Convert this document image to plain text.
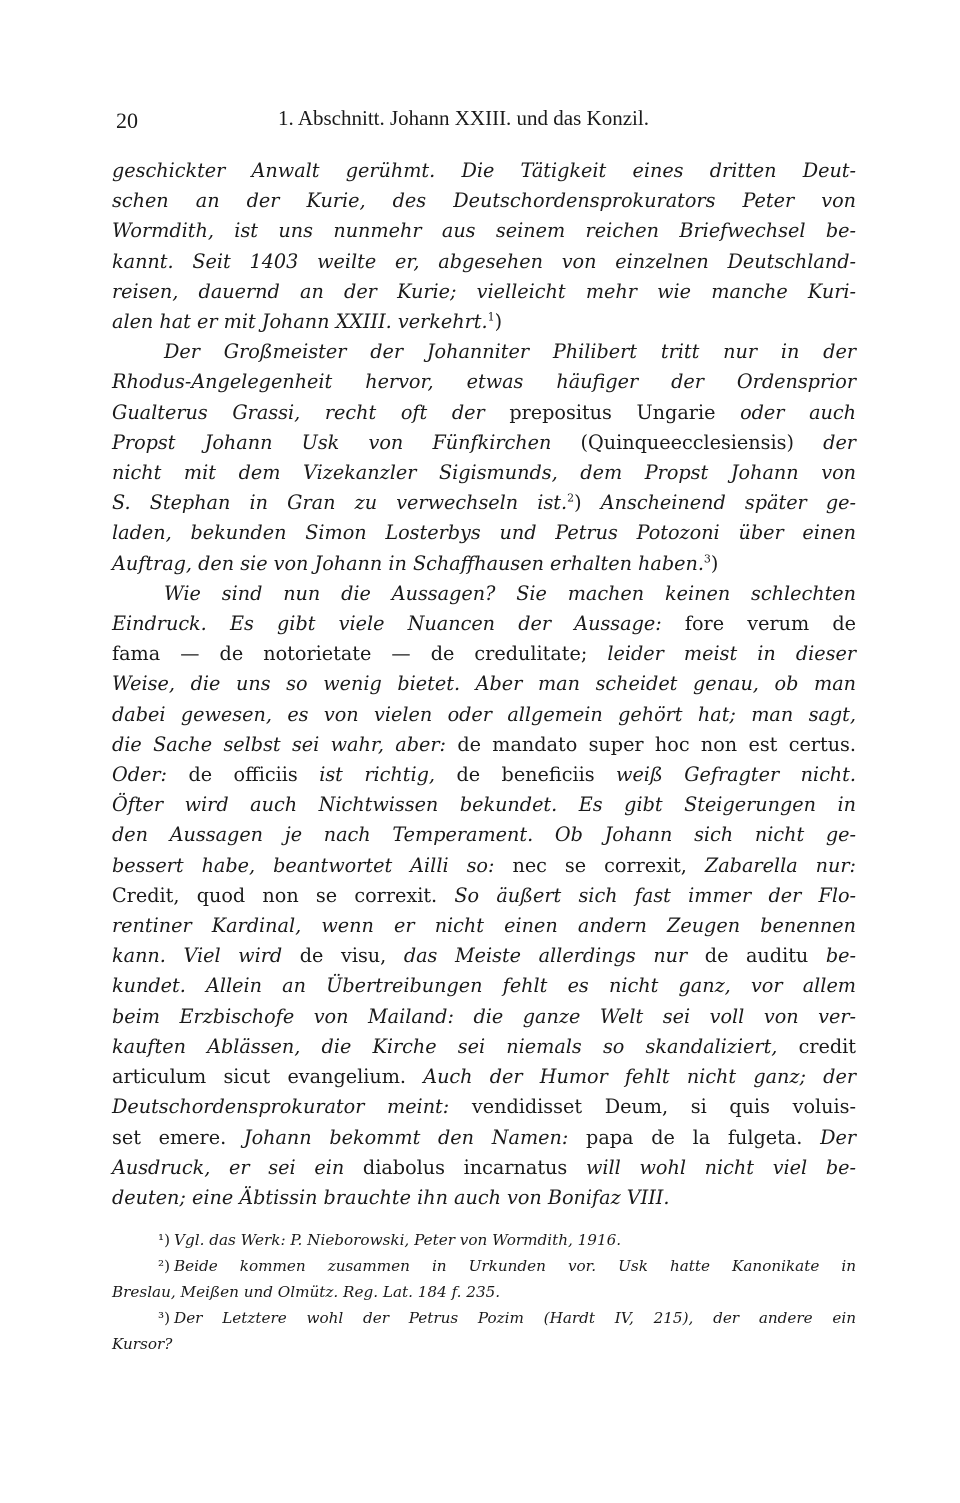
20	1. Abschnitt. Johann XXIII. und das Konzil.
geschickter Anwalt gerühmt. Die Tätigkeit eines dritten Deut-
schen an der Kurie, des Deutschordensprokurators Peter von
Wormdith, ist uns nunmehr aus seinem reichen Briefwechsel be-
kannt. Seit 1403 weilte er, abgesehen von einzelnen Deutschland-
reisen, dauernd an der Kurie; vielleicht mehr wie manche Kuri-
alen hat er mit Johann XXIII. verkehrt.$^1$)
Der Großmeister der Johanniter Philibert tritt nur in der
Rhodus-Angelegenheit hervor, etwas häufiger der Ordensprior
Gualterus Grassi, recht oft der prepositus Ungarie oder auch
Propst Johann Usk von Fünfkirchen (Quinqueecclesiensis) der
nicht mit dem Vizekanzler Sigismunds, dem Propst Johann von
S. Stephan in Gran zu verwechseln ist.$^2$) Anscheinend später ge-
laden, bekunden Simon Losterbys und Petrus Potozoni über einen
Auftrag, den sie von Johann in Schaffhausen erhalten haben.$^3$)
Wie sind nun die Aussagen? Sie machen keinen schlechten
Eindruck. Es gibt viele Nuancen der Aussage: fore verum de
fama — de notorietate — de credulitate; leider meist in dieser
Weise, die uns so wenig bietet. Aber man scheidet genau, ob man
dabei gewesen, es von vielen oder allgemein gehört hat; man sagt,
die Sache selbst sei wahr, aber: de mandato super hoc non est certus.
Oder: de officiis ist richtig, de beneficiis weiß Gefragter nicht.
Öfter wird auch Nichtwissen bekundet. Es gibt Steigerungen in
den Aussagen je nach Temperament. Ob Johann sich nicht ge-
bessert habe, beantwortet Ailli so: nec se correxit, Zabarella nur:
Credit, quod non se correxit. So äußert sich fast immer der Flo-
rentiner Kardinal, wenn er nicht einen andern Zeugen benennen
kann. Viel wird de visu, das Meiste allerdings nur de auditu be-
kundet. Allein an Übertreibungen fehlt es nicht ganz, vor allem
beim Erzbischofe von Mailand: die ganze Welt sei voll von ver-
kauften Ablässen, die Kirche sei niemals so skandaliziert, credit
articulum sicut evangelium. Auch der Humor fehlt nicht ganz; der
Deutschordensprokurator meint: vendidisset Deum, si quis voluis-
set emere. Johann bekommt den Namen: papa de la fulgeta. Der
Ausdruck, er sei ein diabolus incarnatus will wohl nicht viel be-
deuten; eine Äbtissin brauchte ihn auch von Bonifaz VIII.
¹) Vgl. das Werk: P. Nieborowski, Peter von Wormdith, 1916.
²) Beide kommen zusammen in Urkunden vor. Usk hatte Kanonikate in
Breslau, Meißen und Olmütz. Reg. Lat. 184 f. 235.
³) Der Letztere wohl der Petrus Pozim (Hardt IV, 215), der andere ein
Kursor?
